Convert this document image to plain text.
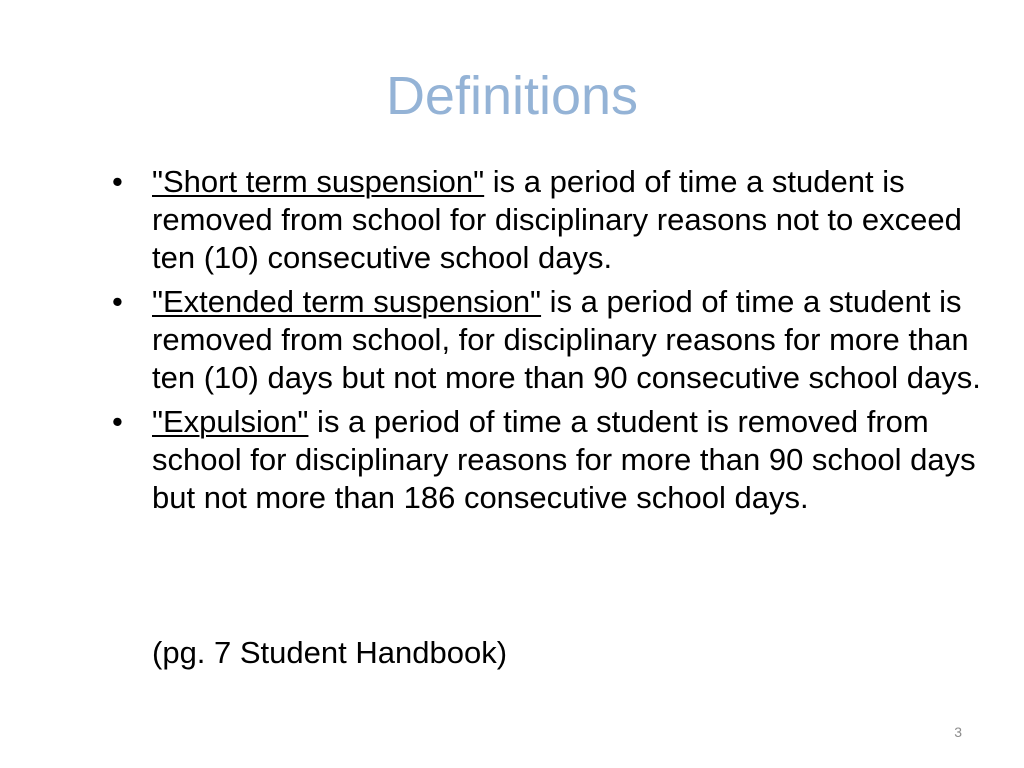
Definitions
• "Short term suspension" is a period of time a student is removed from school for disciplinary reasons not to exceed ten (10) consecutive school days.
• "Extended term suspension" is a period of time a student is removed from school, for disciplinary reasons for more than ten (10) days but not more than 90 consecutive school days.
• "Expulsion" is a period of time a student is removed from school for disciplinary reasons for more than 90 school days but not more than 186 consecutive school days.
(pg. 7 Student Handbook)
3
